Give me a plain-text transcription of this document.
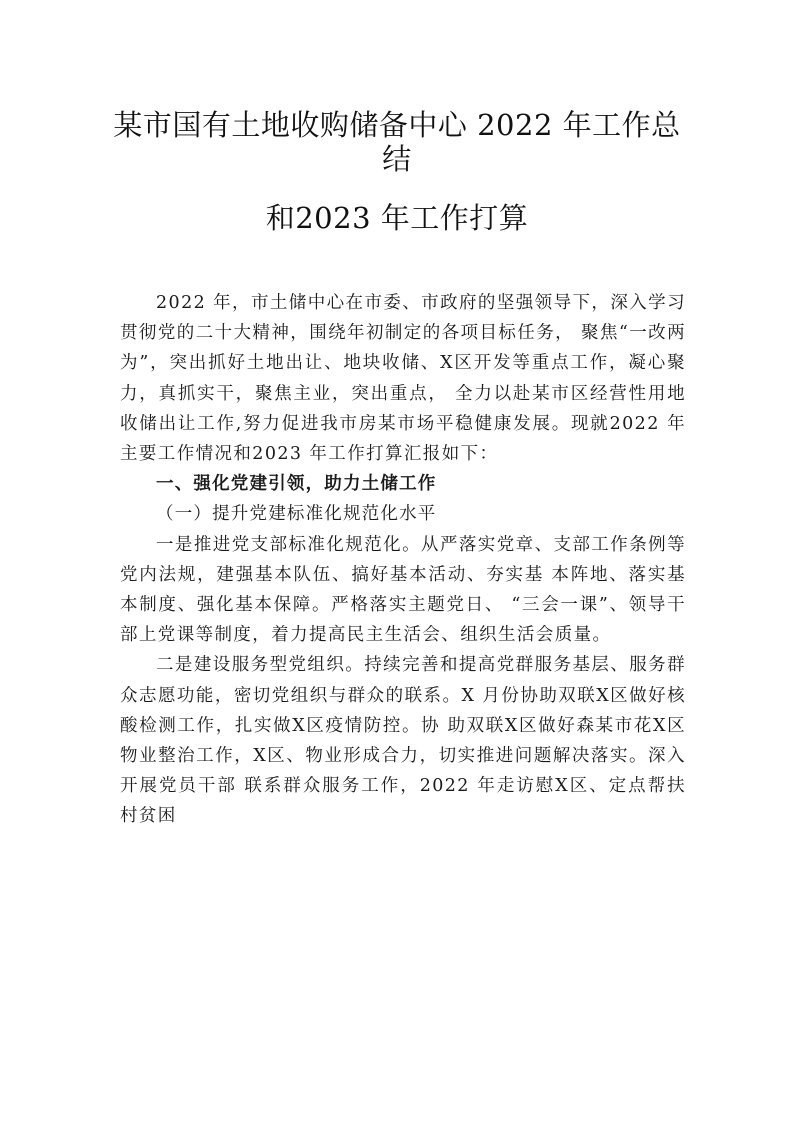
某市国有土地收购储备中心 2022 年工作总
结
和2023 年工作打算

2022 年，市土储中心在市委、市政府的坚强领导下，深入学习贯彻党的二十大精神，围绕年初制定的各项目标任务， 聚焦“一改两为”，突出抓好土地出让、地块收储、X区开发等重点工作，凝心聚力，真抓实干，聚焦主业，突出重点， 全力以赴某市区经营性用地收储出让工作,努力促进我市房某市场平稳健康发展。现就2022 年主要工作情况和2023 年工作打算汇报如下：

一、强化党建引领，助力土储工作

（一）提升党建标准化规范化水平

一是推进党支部标准化规范化。从严落实党章、支部工作条例等党内法规，建强基本队伍、搞好基本活动、夯实基 本阵地、落实基本制度、强化基本保障。严格落实主题党日、 “三会一课”、领导干部上党课等制度，着力提高民主生活会、组织生活会质量。

二是建设服务型党组织。持续完善和提高党群服务基层、服务群众志愿功能，密切党组织与群众的联系。X 月份协助双联X区做好核酸检测工作，扎实做X区疫情防控。协 助双联X区做好森某市花X区物业整治工作，X区、物业形成合力，切实推进问题解决落实。深入开展党员干部 联系群众服务工作，2022 年走访慰X区、定点帮扶村贫困
